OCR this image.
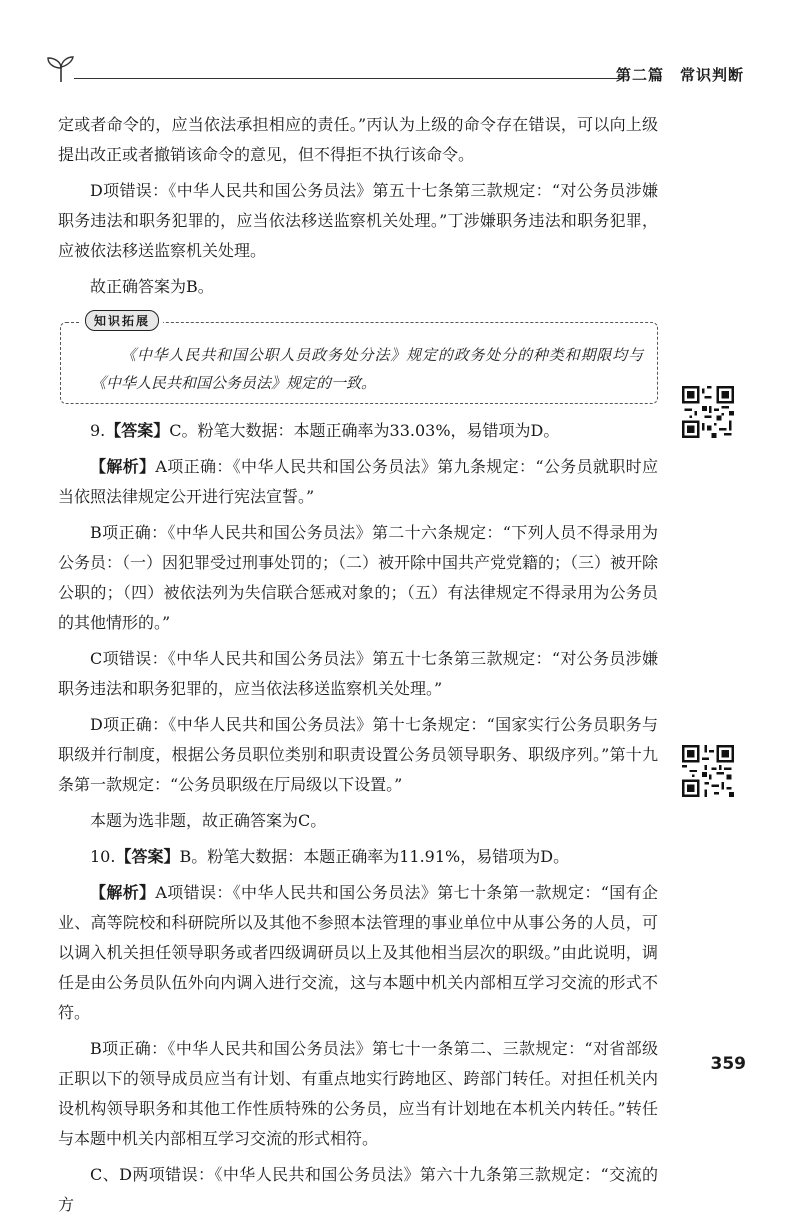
第二篇 常识判断

定或者命令的，应当依法承担相应的责任。”丙认为上级的命令存在错误，可以向上级提出改正或者撤销该命令的意见，但不得拒不执行该命令。

D项错误：《中华人民共和国公务员法》第五十七条第三款规定：“对公务员涉嫌职务违法和职务犯罪的，应当依法移送监察机关处理。”丁涉嫌职务违法和职务犯罪，应被依法移送监察机关处理。

故正确答案为B。

知识拓展

《中华人民共和国公职人员政务处分法》规定的政务处分的种类和期限均与《中华人民共和国公务员法》规定的一致。

9.【答案】C。粉笔大数据：本题正确率为33.03%，易错项为D。

【解析】A项正确：《中华人民共和国公务员法》第九条规定：“公务员就职时应当依照法律规定公开进行宪法宣誓。”

B项正确：《中华人民共和国公务员法》第二十六条规定：“下列人员不得录用为公务员：（一）因犯罪受过刑事处罚的；（二）被开除中国共产党党籍的；（三）被开除公职的；（四）被依法列为失信联合惩戒对象的；（五）有法律规定不得录用为公务员的其他情形的。”

C项错误：《中华人民共和国公务员法》第五十七条第三款规定：“对公务员涉嫌职务违法和职务犯罪的，应当依法移送监察机关处理。”

D项正确：《中华人民共和国公务员法》第十七条规定：“国家实行公务员职务与职级并行制度，根据公务员职位类别和职责设置公务员领导职务、职级序列。”第十九条第一款规定：“公务员职级在厅局级以下设置。”

本题为选非题，故正确答案为C。

10.【答案】B。粉笔大数据：本题正确率为11.91%，易错项为D。

【解析】A项错误：《中华人民共和国公务员法》第七十条第一款规定：“国有企业、高等院校和科研院所以及其他不参照本法管理的事业单位中从事公务的人员，可以调入机关担任领导职务或者四级调研员以上及其他相当层次的职级。”由此说明，调任是由公务员队伍外向内调入进行交流，这与本题中机关内部相互学习交流的形式不符。

B项正确：《中华人民共和国公务员法》第七十一条第二、三款规定：“对省部级正职以下的领导成员应当有计划、有重点地实行跨地区、跨部门转任。对担任机关内设机构领导职务和其他工作性质特殊的公务员，应当有计划地在本机关内转任。”转任与本题中机关内部相互学习交流的形式相符。

C、D两项错误：《中华人民共和国公务员法》第六十九条第三款规定：“交流的方

359
